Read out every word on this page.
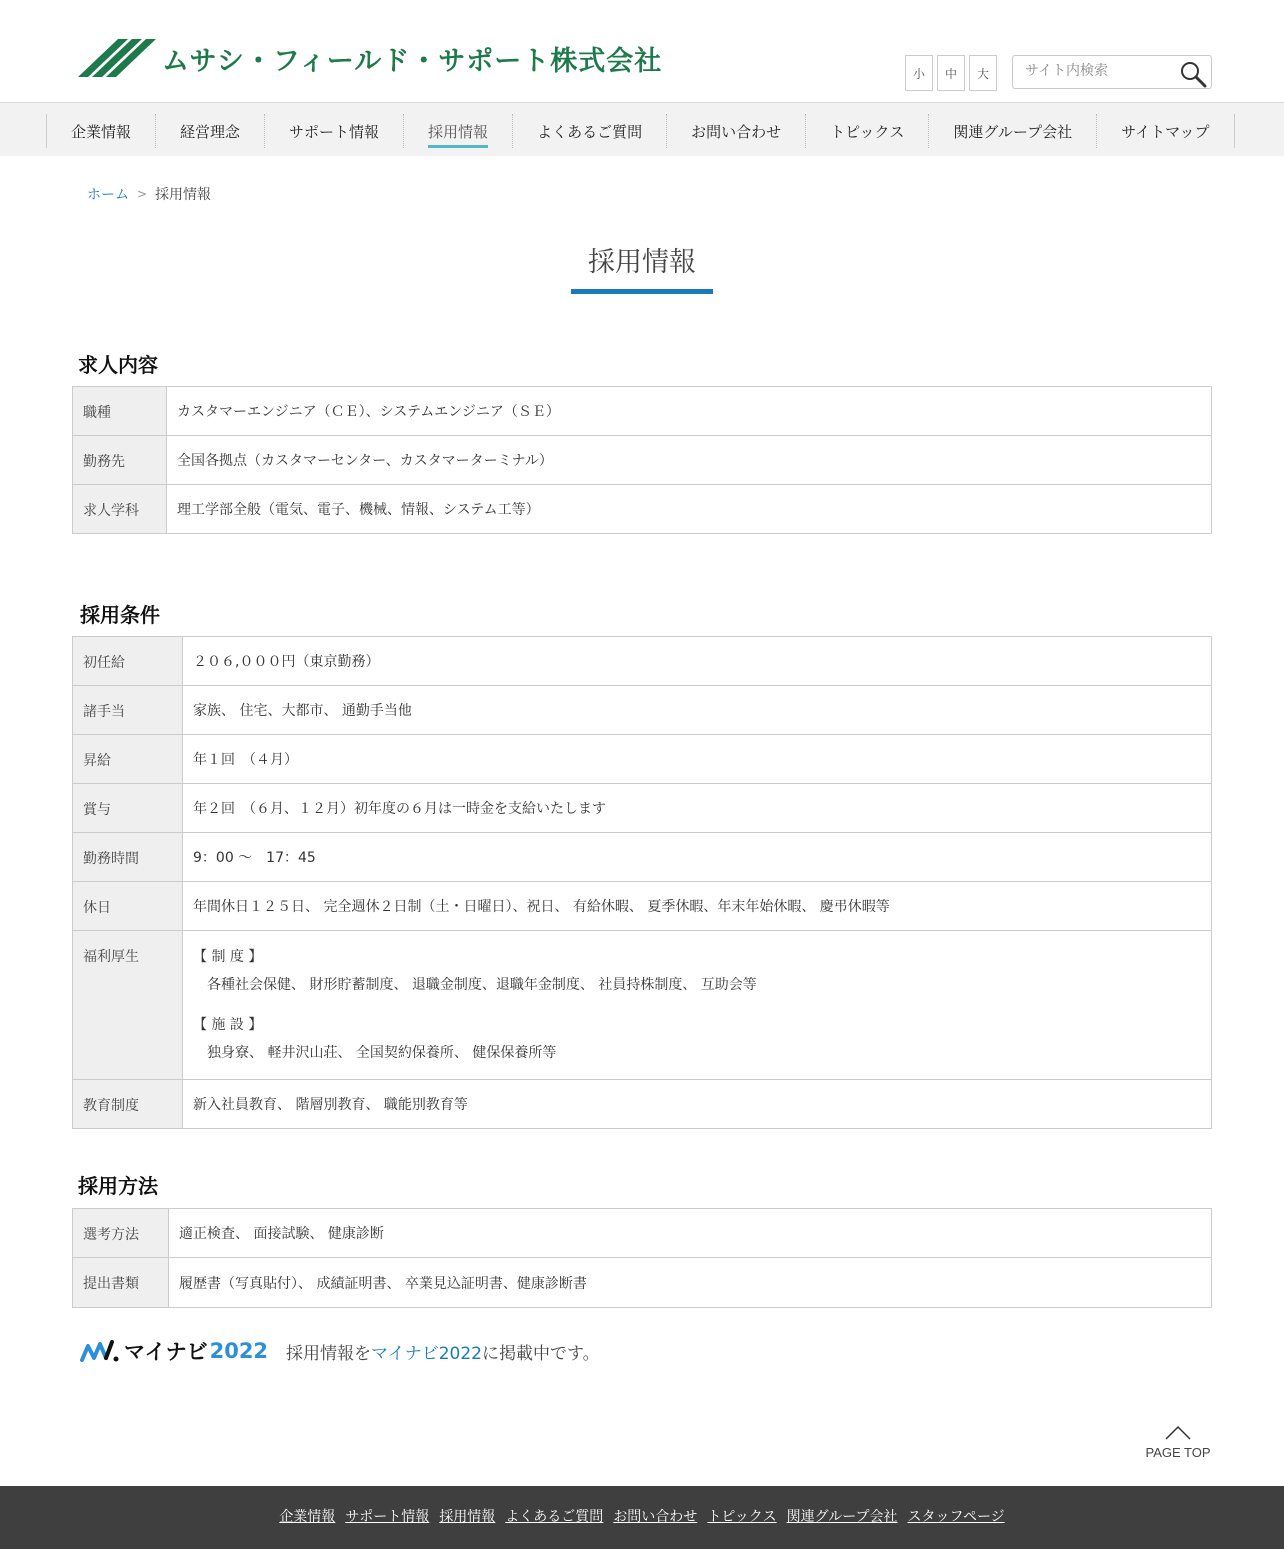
ムサシ・フィールド・サポート株式会社	小	中	大
サイト内検索
企業情報	経営理念	サポート情報	採用情報	よくあるご質問	お問い合わせ	トピックス	関連グループ会社	サイトマップ
ホーム > 採用情報
採用情報
求人内容
職種	カスタマーエンジニア（ＣＥ）、システムエンジニア（ＳＥ）
勤務先	全国各拠点（カスタマーセンター、カスタマーターミナル）
求人学科	理工学部全般（電気、電子、機械、情報、システム工等）
採用条件
初任給	２０６,０００円（東京勤務）
諸手当	家族、 住宅、大都市、 通勤手当他
昇給	年１回　（４月）
賞与	年２回　（６月、１２月）初年度の６月は一時金を支給いたします
勤務時間	9：00 ～　17：45
休日	年間休日１２５日、 完全週休２日制（土・日曜日）、祝日、 有給休暇、 夏季休暇、年末年始休暇、 慶弔休暇等
福利厚生	【 制 度 】
各種社会保健、 財形貯蓄制度、 退職金制度、退職年金制度、 社員持株制度、 互助会等
【 施 設 】
独身寮、 軽井沢山荘、 全国契約保養所、 健保保養所等

教育制度	新入社員教育、 階層別教育、 職能別教育等
採用方法
選考方法	適正検査、 面接試験、 健康診断
提出書類	履歴書（写真貼付）、 成績証明書、 卒業見込証明書、健康診断書
マイナビ 2022 採用情報をマイナビ2022に掲載中です。
PAGE TOP
企業情報 サポート情報 採用情報 よくあるご質問 お問い合わせ トピックス 関連グループ会社 スタッフページ
